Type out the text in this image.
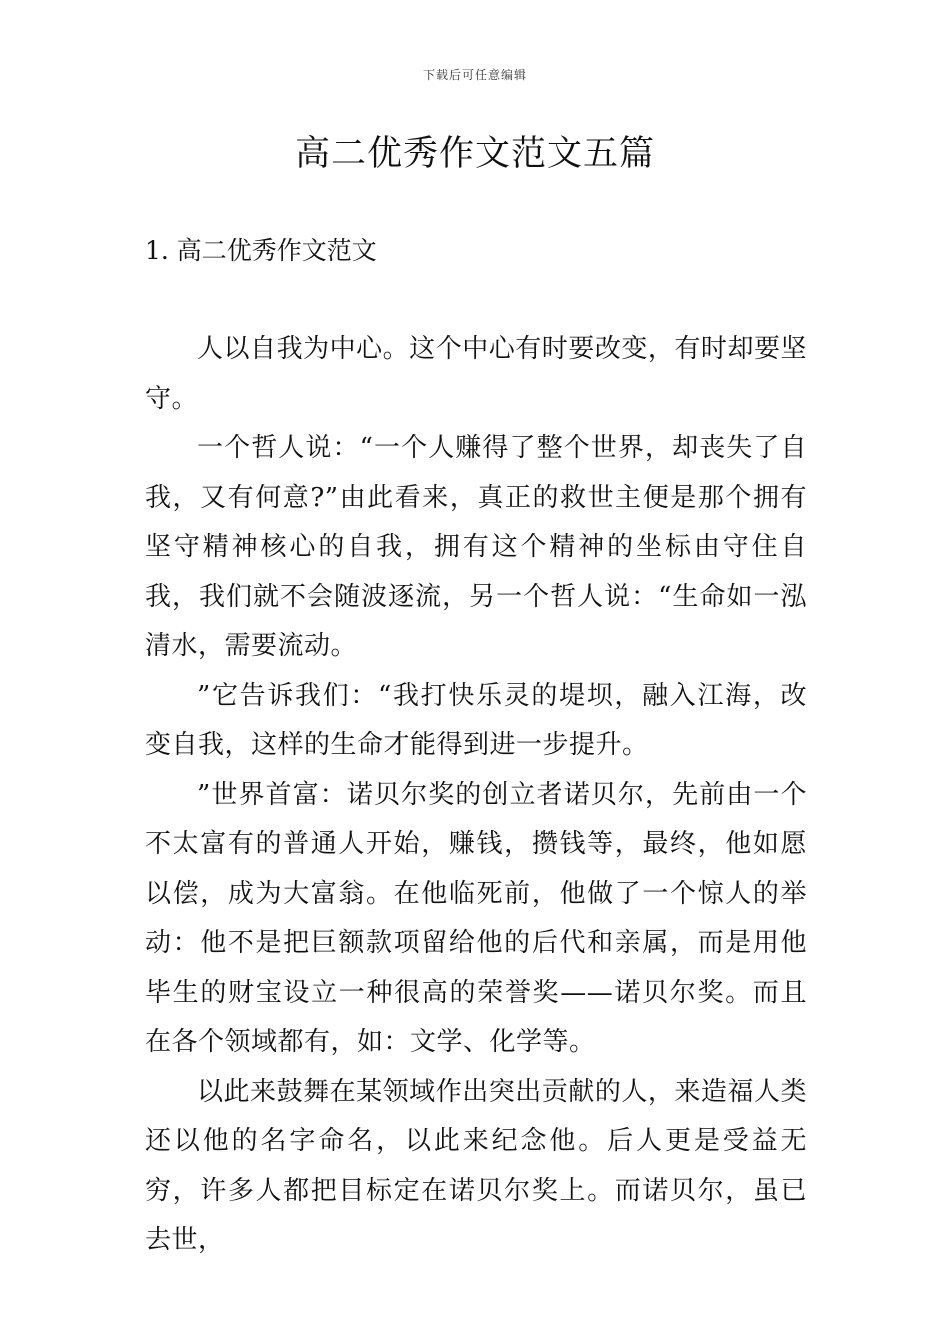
下载后可任意编辑
高二优秀作文范文五篇
1. 高二优秀作文范文

人以自我为中心。这个中心有时要改变，有时却要坚守。

一个哲人说：“一个人赚得了整个世界，却丧失了自我，又有何意?”由此看来，真正的救世主便是那个拥有坚守精神核心的自我，拥有这个精神的坐标由守住自我，我们就不会随波逐流，另一个哲人说：“生命如一泓清水，需要流动。

”它告诉我们：“我打快乐灵的堤坝，融入江海，改变自我，这样的生命才能得到进一步提升。

”世界首富：诺贝尔奖的创立者诺贝尔，先前由一个不太富有的普通人开始，赚钱，攒钱等，最终，他如愿以偿，成为大富翁。在他临死前，他做了一个惊人的举动：他不是把巨额款项留给他的后代和亲属，而是用他毕生的财宝设立一种很高的荣誉奖——诺贝尔奖。而且在各个领域都有，如：文学、化学等。

以此来鼓舞在某领域作出突出贡献的人，来造福人类还以他的名字命名，以此来纪念他。后人更是受益无穷，许多人都把目标定在诺贝尔奖上。而诺贝尔，虽已去世，
